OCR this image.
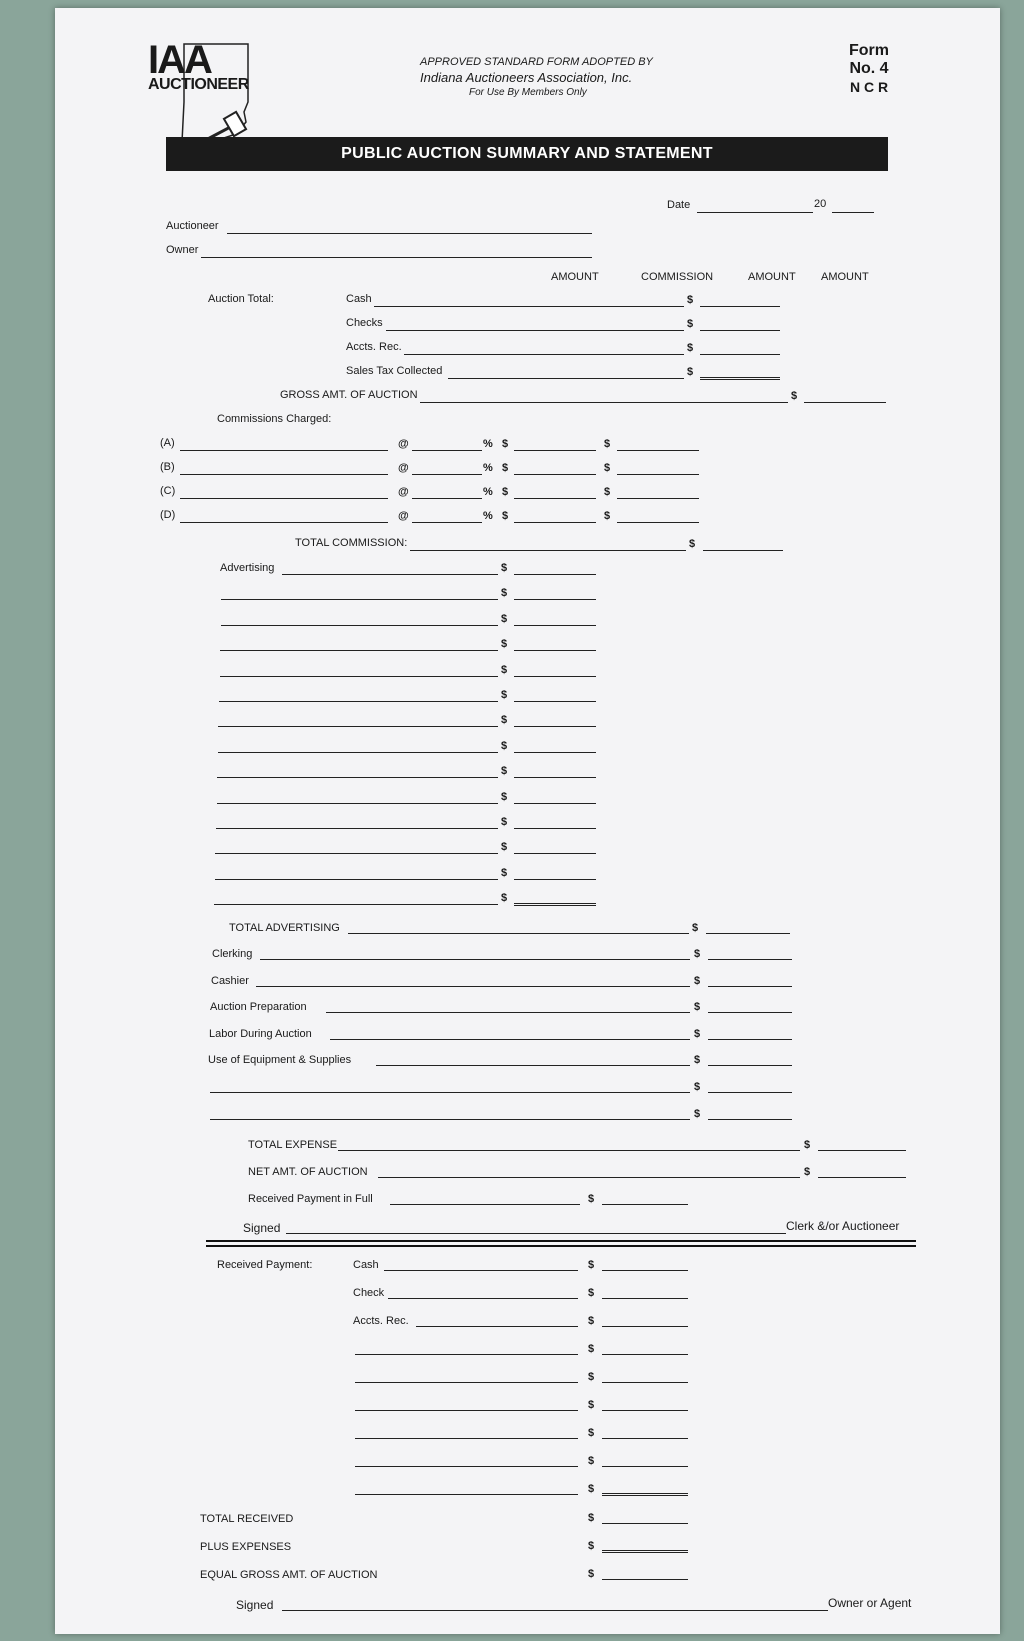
IAA
AUCTIONEER
APPROVED STANDARD FORM ADOPTED BY
Indiana Auctioneers Association, Inc.
For Use By Members Only
Form
No. 4
N C R
PUBLIC AUCTION SUMMARY AND STATEMENT
Date	20
Auctioneer
Owner
AMOUNT	COMMISSION	AMOUNT AMOUNT
Auction Total:	Cash	$
Checks	$
Accts. Rec.	$
Sales Tax Collected	$
GROSS AMT. OF AUCTION	$
Commissions Charged:
(A)	@	% $	$
(B)	@	% $	$
(C)	@	% $	$
(D)	@	% $	$
TOTAL COMMISSION:	$
Advertising	$
$
$
$
$
$
$
$
$
$
$
$
$
$
TOTAL ADVERTISING	$
Clerking	$
Cashier	$
Auction Preparation	$
Labor During Auction	$
Use of Equipment & Supplies	$
$
$
TOTAL EXPENSE	$
NET AMT. OF AUCTION	$
Received Payment in Full	$
Signed	Clerk &/or Auctioneer
Received Payment:	Cash	$
Check	$
Accts. Rec.	$
$
$
$
$
$
$
TOTAL RECEIVED	$
PLUS EXPENSES	$
EQUAL GROSS AMT. OF AUCTION	$
Signed	Owner or Agent
